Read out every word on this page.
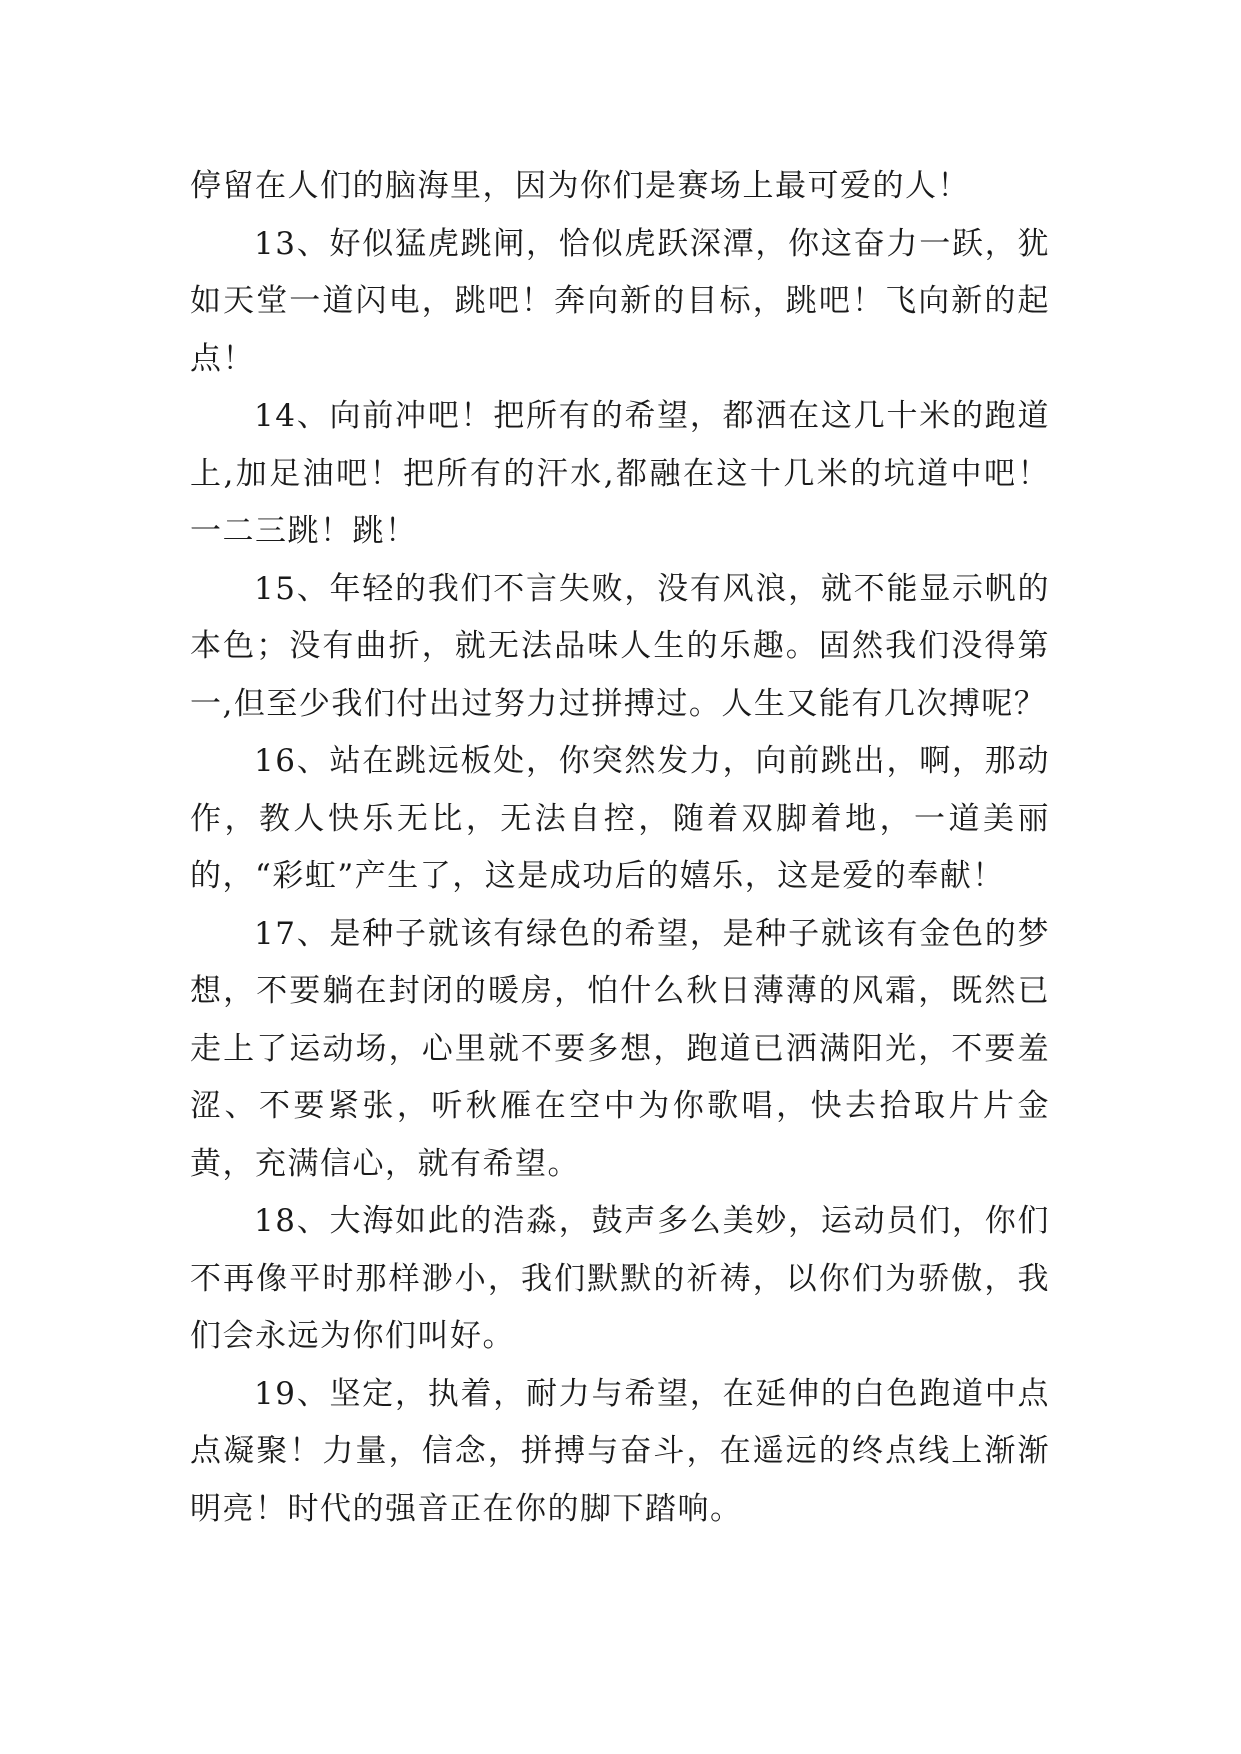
停留在人们的脑海里，因为你们是赛场上最可爱的人！

13、好似猛虎跳闸，恰似虎跃深潭，你这奋力一跃，犹如天堂一道闪电，跳吧！奔向新的目标，跳吧！飞向新的起点！

14、向前冲吧！把所有的希望，都洒在这几十米的跑道上,加足油吧！把所有的汗水,都融在这十几米的坑道中吧！一二三跳！跳！

15、年轻的我们不言失败，没有风浪，就不能显示帆的本色；没有曲折，就无法品味人生的乐趣。固然我们没得第一,但至少我们付出过努力过拼搏过。人生又能有几次搏呢？

16、站在跳远板处，你突然发力，向前跳出，啊，那动作，教人快乐无比，无法自控，随着双脚着地，一道美丽的，“彩虹”产生了，这是成功后的嬉乐，这是爱的奉献！

17、是种子就该有绿色的希望，是种子就该有金色的梦想，不要躺在封闭的暖房，怕什么秋日薄薄的风霜，既然已走上了运动场，心里就不要多想，跑道已洒满阳光，不要羞涩、不要紧张，听秋雁在空中为你歌唱，快去拾取片片金黄，充满信心，就有希望。

18、大海如此的浩淼，鼓声多么美妙，运动员们，你们不再像平时那样渺小，我们默默的祈祷，以你们为骄傲，我们会永远为你们叫好。

19、坚定，执着，耐力与希望，在延伸的白色跑道中点点凝聚！力量，信念，拼搏与奋斗，在遥远的终点线上渐渐明亮！时代的强音正在你的脚下踏响。
